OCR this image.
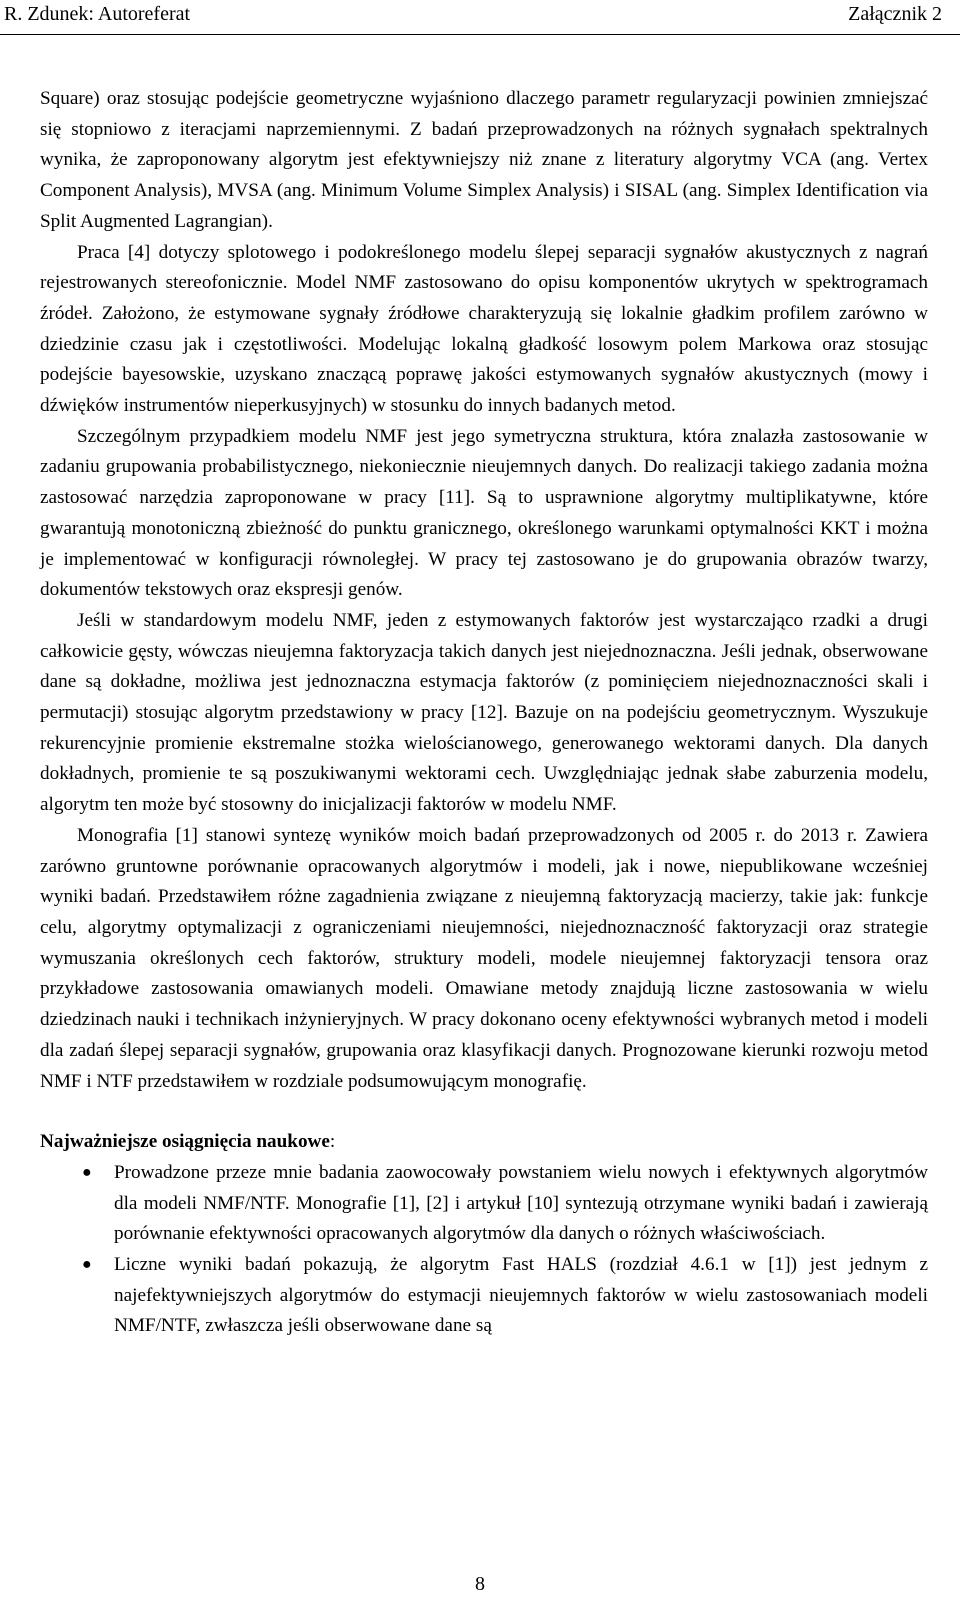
R. Zdunek: Autoreferat	Załącznik 2

Square) oraz stosując podejście geometryczne wyjaśniono dlaczego parametr regularyzacji powinien zmniejszać się stopniowo z iteracjami naprzemiennymi. Z badań przeprowadzonych na różnych sygnałach spektralnych wynika, że zaproponowany algorytm jest efektywniejszy niż znane z literatury algorytmy VCA (ang. Vertex Component Analysis), MVSA (ang. Minimum Volume Simplex Analysis) i SISAL (ang. Simplex Identification via Split Augmented Lagrangian).

Praca [4] dotyczy splotowego i podokreślonego modelu ślepej separacji sygnałów akustycznych z nagrań rejestrowanych stereofonicznie. Model NMF zastosowano do opisu komponentów ukrytych w spektrogramach źródeł. Założono, że estymowane sygnały źródłowe charakteryzują się lokalnie gładkim profilem zarówno w dziedzinie czasu jak i częstotliwości. Modelując lokalną gładkość losowym polem Markowa oraz stosując podejście bayesowskie, uzyskano znaczącą poprawę jakości estymowanych sygnałów akustycznych (mowy i dźwięków instrumentów nieperkusyjnych) w stosunku do innych badanych metod.

Szczególnym przypadkiem modelu NMF jest jego symetryczna struktura, która znalazła zastosowanie w zadaniu grupowania probabilistycznego, niekoniecznie nieujemnych danych. Do realizacji takiego zadania można zastosować narzędzia zaproponowane w pracy [11]. Są to usprawnione algorytmy multiplikatywne, które gwarantują monotoniczną zbieżność do punktu granicznego, określonego warunkami optymalności KKT i można je implementować w konfiguracji równoległej. W pracy tej zastosowano je do grupowania obrazów twarzy, dokumentów tekstowych oraz ekspresji genów.

Jeśli w standardowym modelu NMF, jeden z estymowanych faktorów jest wystarczająco rzadki a drugi całkowicie gęsty, wówczas nieujemna faktoryzacja takich danych jest niejednoznaczna. Jeśli jednak, obserwowane dane są dokładne, możliwa jest jednoznaczna estymacja faktorów (z pominięciem niejednoznaczności skali i permutacji) stosując algorytm przedstawiony w pracy [12]. Bazuje on na podejściu geometrycznym. Wyszukuje rekurencyjnie promienie ekstremalne stożka wielościanowego, generowanego wektorami danych. Dla danych dokładnych, promienie te są poszukiwanymi wektorami cech. Uwzględniając jednak słabe zaburzenia modelu, algorytm ten może być stosowny do inicjalizacji faktorów w modelu NMF.

Monografia [1] stanowi syntezę wyników moich badań przeprowadzonych od 2005 r. do 2013 r. Zawiera zarówno gruntowne porównanie opracowanych algorytmów i modeli, jak i nowe, niepublikowane wcześniej wyniki badań. Przedstawiłem różne zagadnienia związane z nieujemną faktoryzacją macierzy, takie jak: funkcje celu, algorytmy optymalizacji z ograniczeniami nieujemności, niejednoznaczność faktoryzacji oraz strategie wymuszania określonych cech faktorów, struktury modeli, modele nieujemnej faktoryzacji tensora oraz przykładowe zastosowania omawianych modeli. Omawiane metody znajdują liczne zastosowania w wielu dziedzinach nauki i technikach inżynieryjnych. W pracy dokonano oceny efektywności wybranych metod i modeli dla zadań ślepej separacji sygnałów, grupowania oraz klasyfikacji danych. Prognozowane kierunki rozwoju metod NMF i NTF przedstawiłem w rozdziale podsumowującym monografię.

Najważniejsze osiągnięcia naukowe:

● Prowadzone przeze mnie badania zaowocowały powstaniem wielu nowych i efektywnych algorytmów dla modeli NMF/NTF. Monografie [1], [2] i artykuł [10] syntezują otrzymane wyniki badań i zawierają porównanie efektywności opracowanych algorytmów dla danych o różnych właściwościach.
● Liczne wyniki badań pokazują, że algorytm Fast HALS (rozdział 4.6.1 w [1]) jest jednym z najefektywniejszych algorytmów do estymacji nieujemnych faktorów w wielu zastosowaniach modeli NMF/NTF, zwłaszcza jeśli obserwowane dane są
8
